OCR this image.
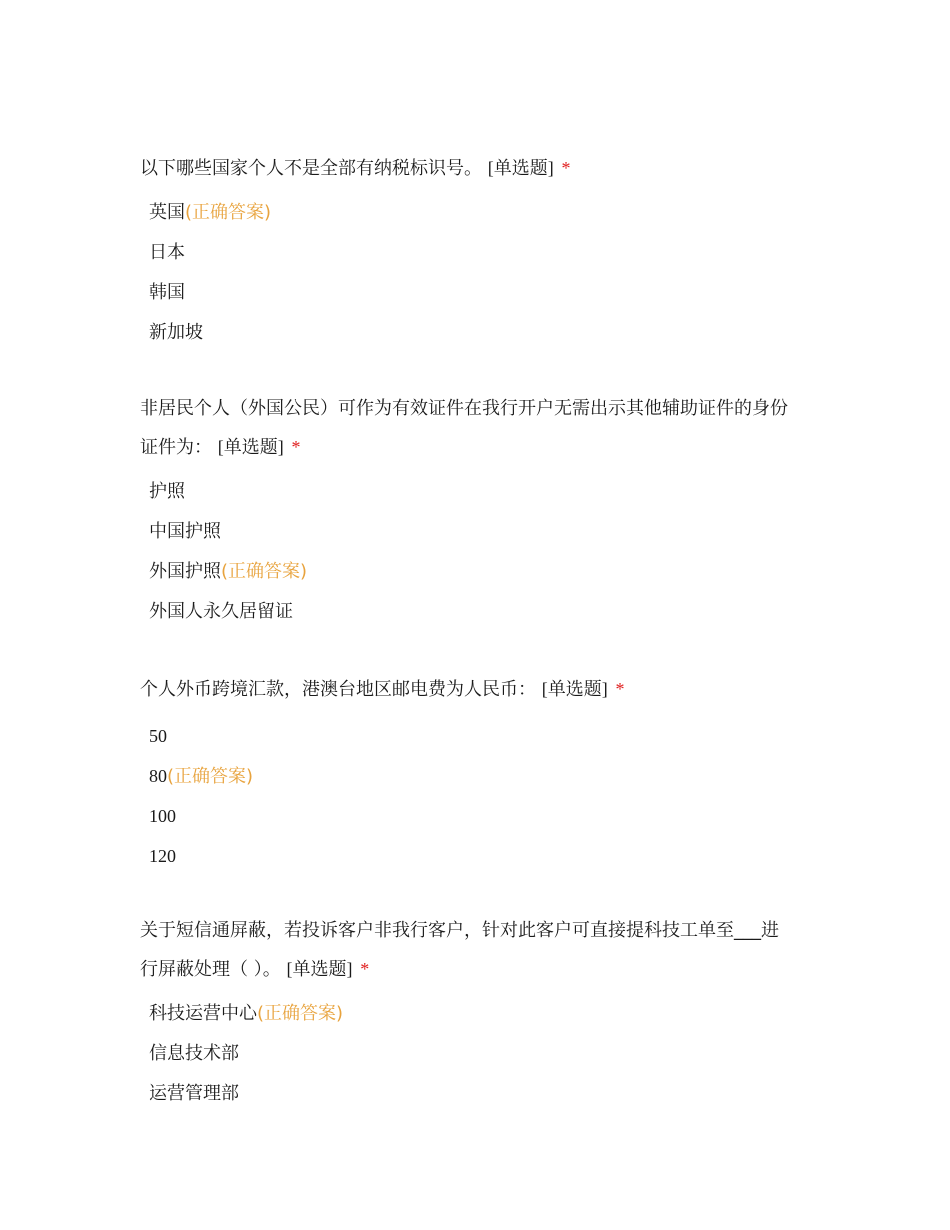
以下哪些国家个人不是全部有纳税标识号。 [单选题] *

英国(正确答案)
日本
韩国
新加坡

非居民个人（外国公民）可作为有效证件在我行开户无需出示其他辅助证件的身份
证件为： [单选题] *

护照
中国护照
外国护照(正确答案)
外国人永久居留证

个人外币跨境汇款，港澳台地区邮电费为人民币： [单选题] *

50
80(正确答案)
100
120

关于短信通屏蔽，若投诉客户非我行客户，针对此客户可直接提科技工单至___进
行屏蔽处理（ ）。 [单选题] *

科技运营中心(正确答案)
信息技术部
运营管理部
